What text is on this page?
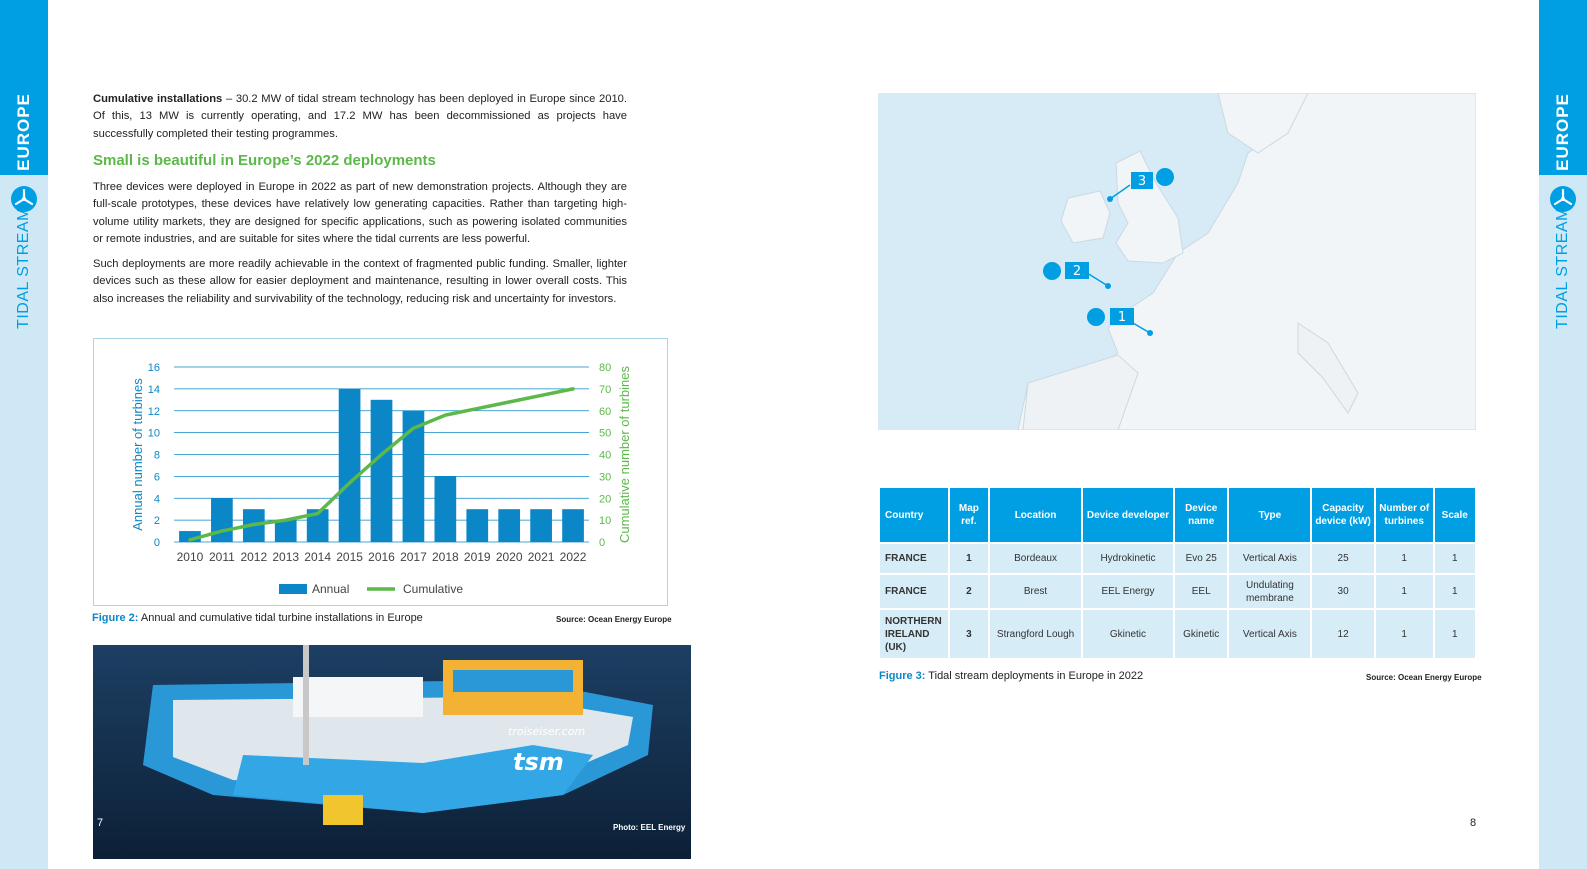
EUROPE
TIDAL STREAM
EUROPE
TIDAL STREAM

Cumulative installations – 30.2 MW of tidal stream technology has been deployed in Europe since 2010. Of this, 13 MW is currently operating, and 17.2 MW has been decommissioned as projects have successfully completed their testing programmes.

Small is beautiful in Europe’s 2022 deployments

Three devices were deployed in Europe in 2022 as part of new demonstration projects. Although they are full-scale prototypes, these devices have relatively low generating capacities. Rather than targeting high-volume utility markets, they are designed for specific applications, such as powering isolated communities or remote industries, and are suitable for sites where the tidal currents are less powerful.

Such deployments are more readily achievable in the context of fragmented public funding. Smaller, lighter devices such as these allow for easier deployment and maintenance, resulting in lower overall costs. This also increases the reliability and survivability of the technology, reducing risk and uncertainty for investors.

0
2
4
6
8
10
12
14
16
0
10
20
30
40
50
60
70
80
2010 2011 2012 2013 2014 2015 2016 2017 2018 2019 2020 2021 2022
Annual number of turbines	Cumulative number of turbines
Annual	Cumulative
Figure 2: Annual and cumulative tidal turbine installations in Europe	Source: Ocean Energy Europe
tsm
troiseiser.com
Photo: EEL Energy
7
3
2
1
Country	Map ref.	Location	Device developer	Device name	Type	Capacity device (kW)	Number of turbines	Scale
FRANCE	1	Bordeaux	Hydrokinetic	Evo 25	Vertical Axis	25	1	1
FRANCE	2	Brest	EEL Energy	EEL	Undulating membrane	30	1	1
NORTHERN IRELAND (UK)	3	Strangford Lough	Gkinetic	Gkinetic	Vertical Axis	12	1	1
Figure 3: Tidal stream deployments in Europe in 2022	Source: Ocean Energy Europe
8
